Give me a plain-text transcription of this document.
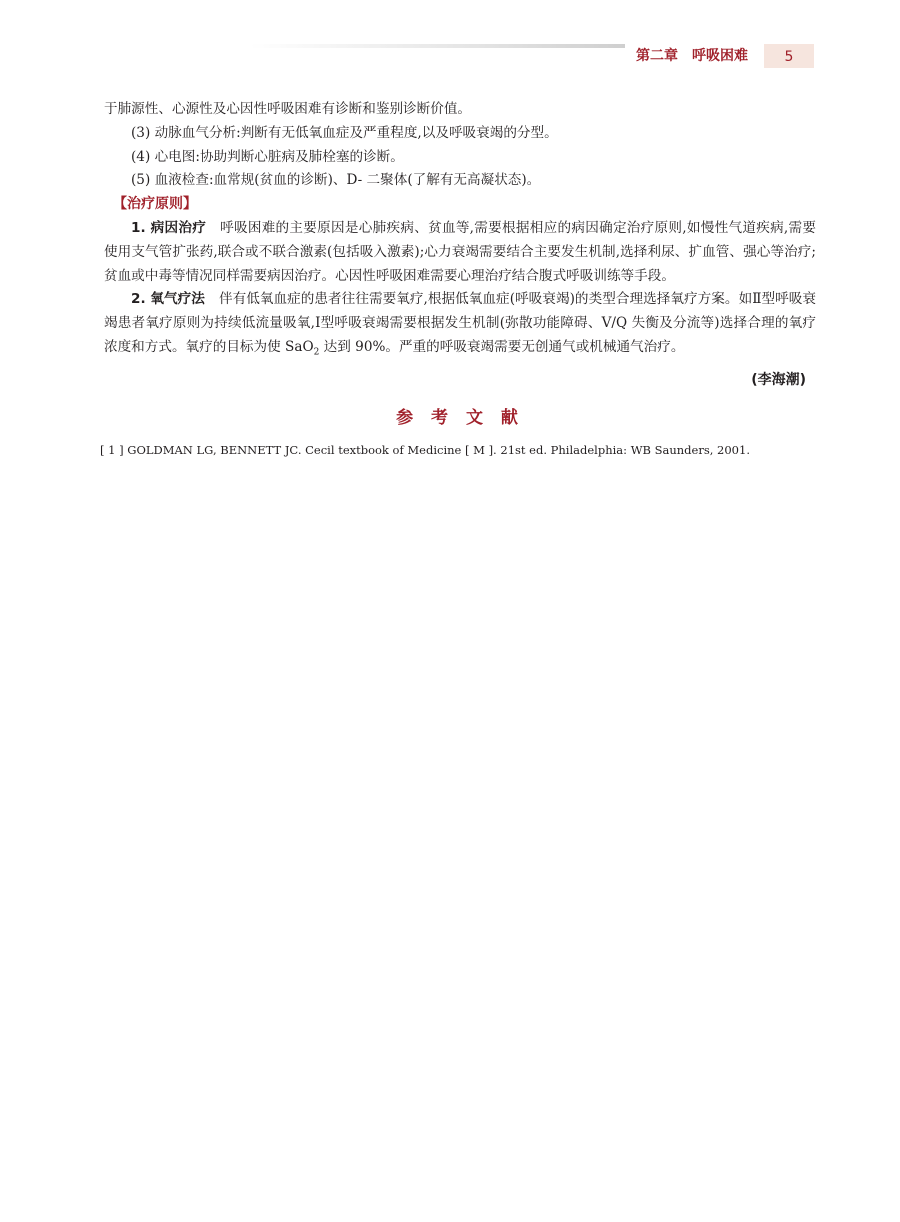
第二章 呼吸困难	5

于肺源性、心源性及心因性呼吸困难有诊断和鉴别诊断价值。

(3) 动脉血气分析:判断有无低氧血症及严重程度,以及呼吸衰竭的分型。

(4) 心电图:协助判断心脏病及肺栓塞的诊断。

(5) 血液检查:血常规(贫血的诊断)、D- 二聚体(了解有无高凝状态)。

【治疗原则】

1. 病因治疗 呼吸困难的主要原因是心肺疾病、贫血等,需要根据相应的病因确定治疗原则,如慢性气道疾病,需要使用支气管扩张药,联合或不联合激素(包括吸入激素);心力衰竭需要结合主要发生机制,选择利尿、扩血管、强心等治疗;贫血或中毒等情况同样需要病因治疗。心因性呼吸困难需要心理治疗结合腹式呼吸训练等手段。

2. 氧气疗法 伴有低氧血症的患者往往需要氧疗,根据低氧血症(呼吸衰竭)的类型合理选择氧疗方案。如Ⅱ型呼吸衰竭患者氧疗原则为持续低流量吸氧,Ⅰ型呼吸衰竭需要根据发生机制(弥散功能障碍、V/Q 失衡及分流等)选择合理的氧疗浓度和方式。氧疗的目标为使 SaO$_2$ 达到 90%。严重的呼吸衰竭需要无创通气或机械通气治疗。

(李海潮)

参 考 文 献

[ 1 ] GOLDMAN LG, BENNETT JC. Cecil textbook of Medicine [ M ]. 21st ed. Philadelphia: WB Saunders, 2001.
